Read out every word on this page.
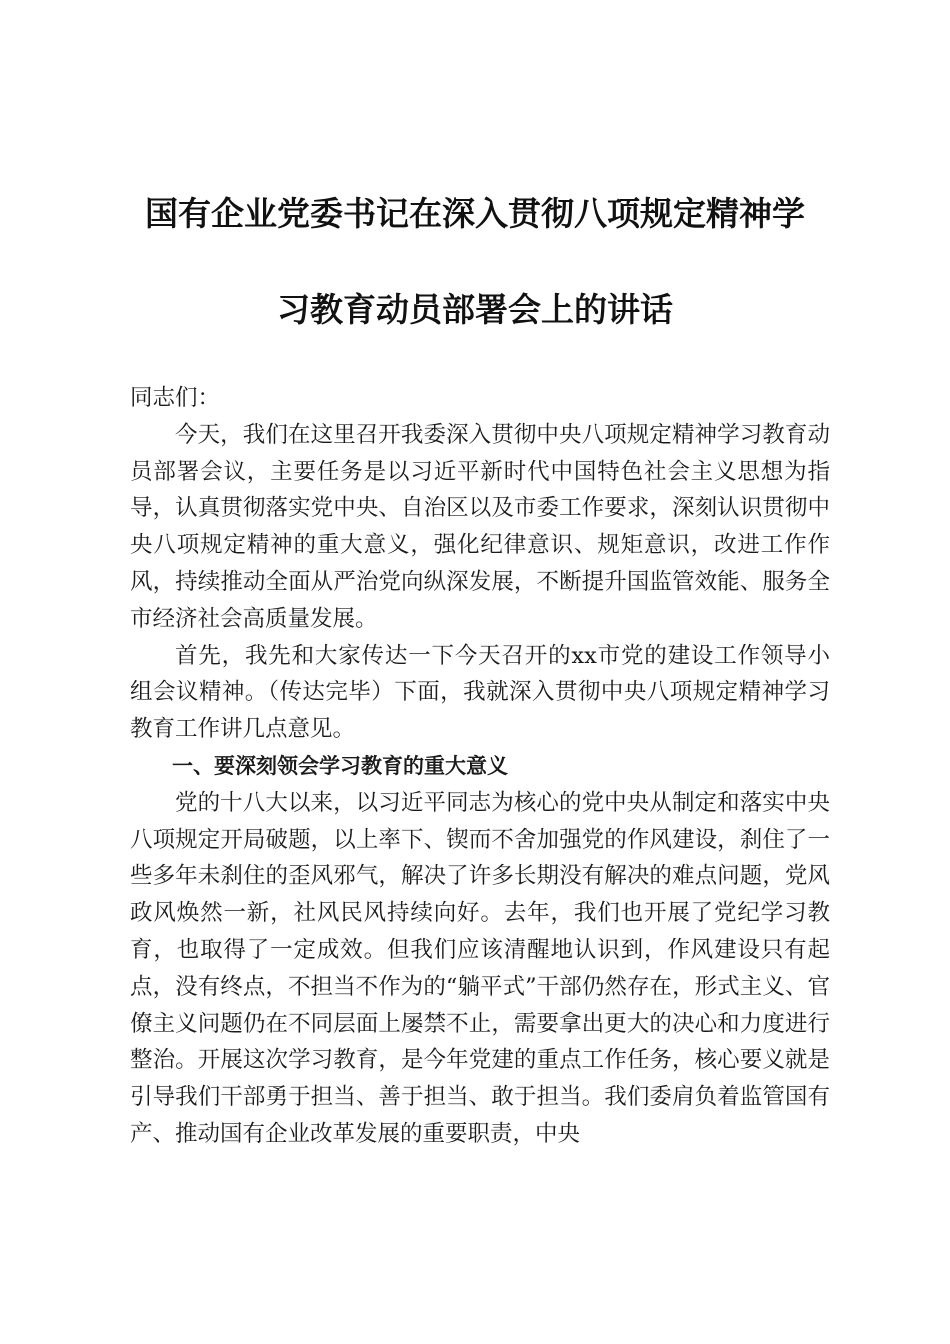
国有企业党委书记在深入贯彻八项规定精神学
习教育动员部署会上的讲话

同志们：

今天，我们在这里召开我委深入贯彻中央八项规定精神学习教育动员部署会议，主要任务是以习近平新时代中国特色社会主义思想为指导，认真贯彻落实党中央、自治区以及市委工作要求，深刻认识贯彻中央八项规定精神的重大意义，强化纪律意识、规矩意识，改进工作作风，持续推动全面从严治党向纵深发展，不断提升国监管效能、服务全市经济社会高质量发展。

首先，我先和大家传达一下今天召开的xx市党的建设工作领导小组会议精神。（传达完毕）下面，我就深入贯彻中央八项规定精神学习教育工作讲几点意见。

一、要深刻领会学习教育的重大意义

党的十八大以来，以习近平同志为核心的党中央从制定和落实中央八项规定开局破题，以上率下、锲而不舍加强党的作风建设，刹住了一些多年未刹住的歪风邪气，解决了许多长期没有解决的难点问题，党风政风焕然一新，社风民风持续向好。去年，我们也开展了党纪学习教育，也取得了一定成效。但我们应该清醒地认识到，作风建设只有起点，没有终点，不担当不作为的“躺平式”干部仍然存在，形式主义、官僚主义问题仍在不同层面上屡禁不止，需要拿出更大的决心和力度进行整治。开展这次学习教育，是今年党建的重点工作任务，核心要义就是引导我们干部勇于担当、善于担当、敢于担当。我们委肩负着监管国有产、推动国有企业改革发展的重要职责，中央
